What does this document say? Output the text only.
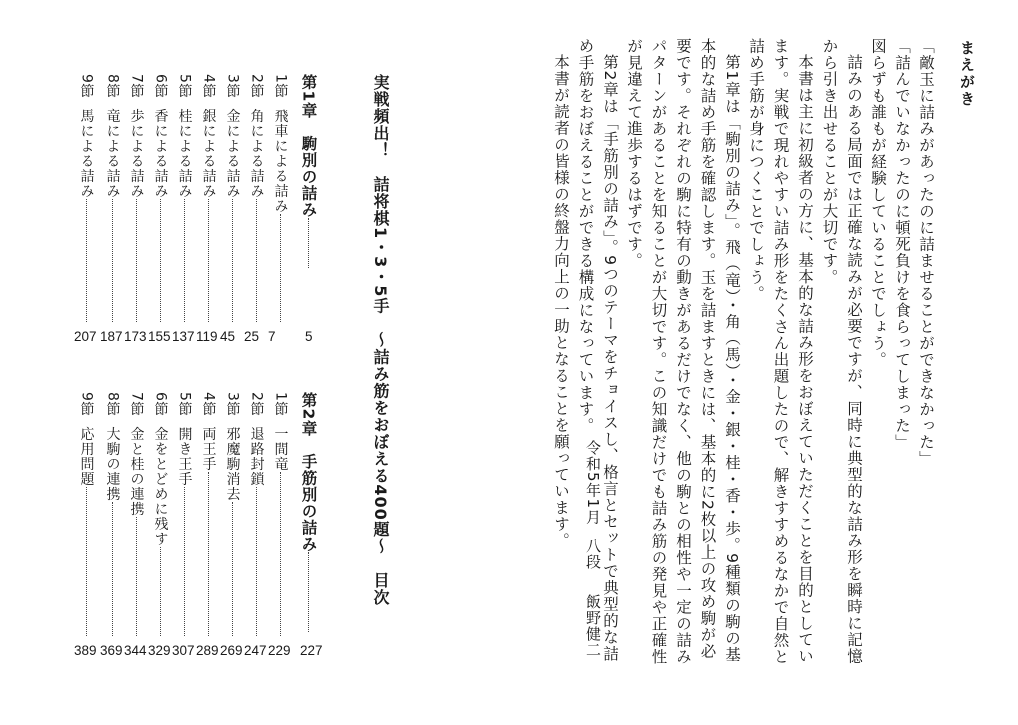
まえがき

「敵玉に詰みがあったのに詰ませることができなかった」

「詰んでいなかったのに頓死負けを食らってしまった」

図らずも誰もが経験していることでしょう。

詰みのある局面では正確な読みが必要ですが、同時に典型的な詰み形を瞬時に記憶から引き出せることが大切です。

本書は主に初級者の方に、基本的な詰み形をおぼえていただくことを目的としています。実戦で現れやすい詰み形をたくさん出題したので、解きすすめるなかで自然と詰め手筋が身につくことでしょう。

第1章は「駒別の詰み」。飛（竜）・角（馬）・金・銀・桂・香・歩。9種類の駒の基本的な詰め手筋を確認します。玉を詰ますときには、基本的に2枚以上の攻め駒が必要です。それぞれの駒に特有の動きがあるだけでなく、他の駒との相性や一定の詰みパターンがあることを知ることが大切です。この知識だけでも詰み筋の発見や正確性が見違えて進歩するはずです。

第2章は「手筋別の詰み」。9つのテーマをチョイスし、格言とセットで典型的な詰め手筋をおぼえることができる構成になっています。

本書が読者の皆様の終盤力向上の一助となることを願っています。 令和5年1月
八段
飯野健二
実戦頻出！　詰将棋1・3・5手　〜詰み筋をおぼえる400題〜　目次
第1章　駒別の詰み
5
1節飛車による詰み
7
2節角による詰み
25
3節金による詰み
45
4節銀による詰み
119
5節桂による詰み
137
6節香による詰み
155
7節歩による詰み
173
8節竜による詰み
187
9節馬による詰み
207
第2章　手筋別の詰み
227
1節一間竜
229
2節退路封鎖
247
3節邪魔駒消去
269
4節両王手
289
5節開き王手
307
6節金をとどめに残す
329
7節金と桂の連携
344
8節大駒の連携
369
9節応用問題
389
